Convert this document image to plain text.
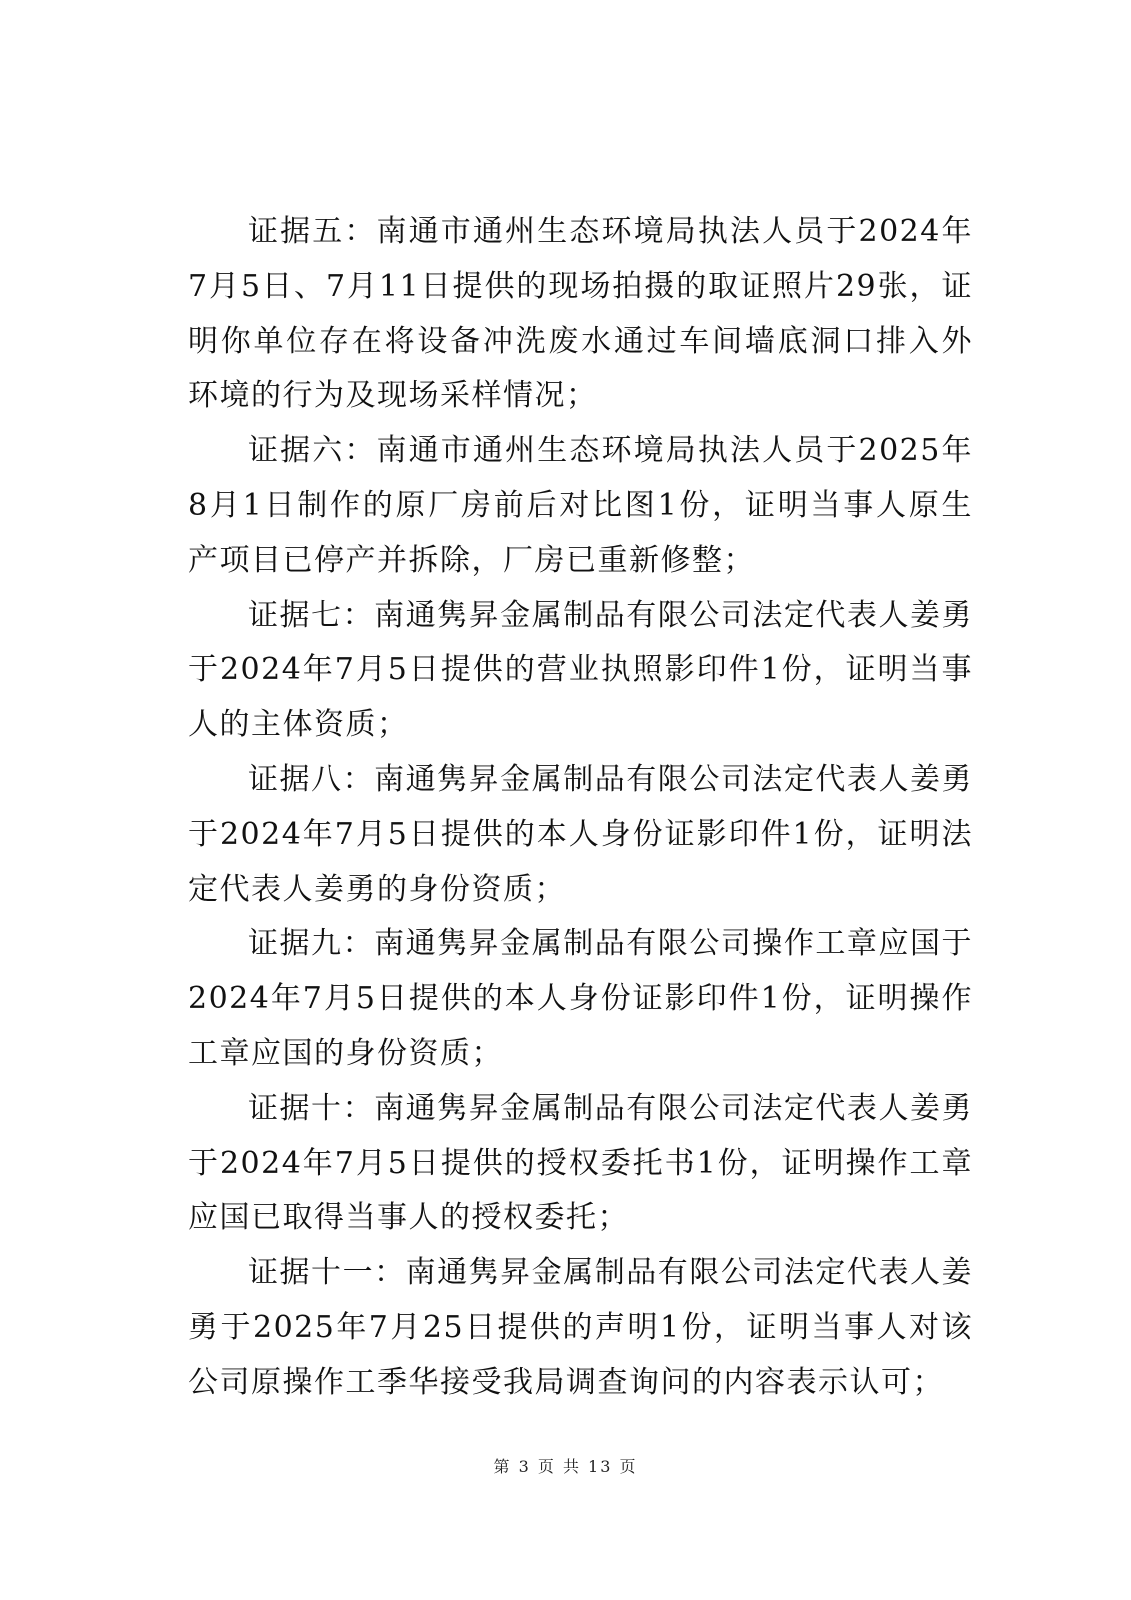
证据五：南通市通州生态环境局执法人员于2024年7月5日、7月11日提供的现场拍摄的取证照片29张，证明你单位存在将设备冲洗废水通过车间墙底洞口排入外环境的行为及现场采样情况；

证据六：南通市通州生态环境局执法人员于2025年8月1日制作的原厂房前后对比图1份，证明当事人原生产项目已停产并拆除，厂房已重新修整；

证据七：南通隽昇金属制品有限公司法定代表人姜勇于2024年7月5日提供的营业执照影印件1份，证明当事人的主体资质；

证据八：南通隽昇金属制品有限公司法定代表人姜勇于2024年7月5日提供的本人身份证影印件1份，证明法定代表人姜勇的身份资质；

证据九：南通隽昇金属制品有限公司操作工章应国于2024年7月5日提供的本人身份证影印件1份，证明操作工章应国的身份资质；

证据十：南通隽昇金属制品有限公司法定代表人姜勇于2024年7月5日提供的授权委托书1份，证明操作工章应国已取得当事人的授权委托；

证据十一：南通隽昇金属制品有限公司法定代表人姜勇于2025年7月25日提供的声明1份，证明当事人对该公司原操作工季华接受我局调查询问的内容表示认可；

第 3 页 共 13 页
